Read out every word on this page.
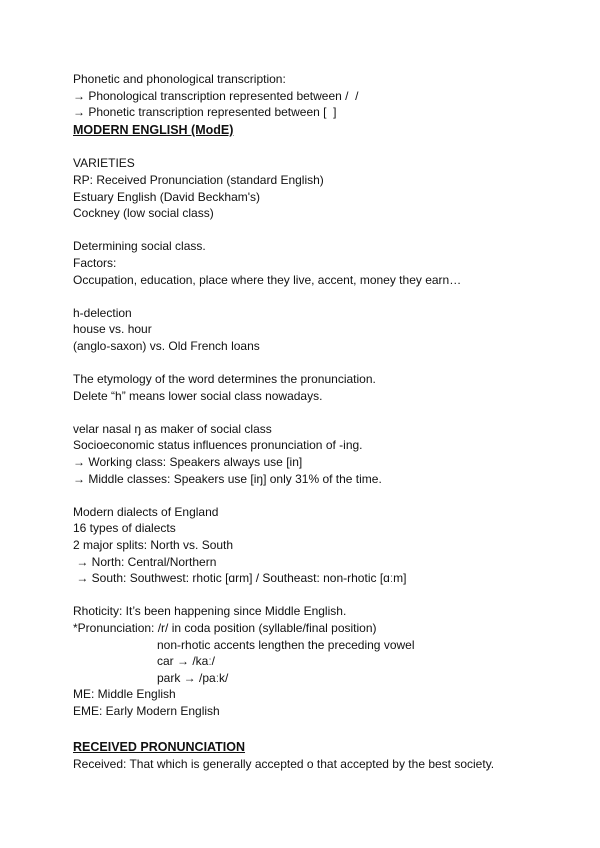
Phonetic and phonological transcription:
→ Phonological transcription represented between /  /
→ Phonetic transcription represented between [  ]
MODERN ENGLISH (ModE)
VARIETIES
RP: Received Pronunciation (standard English)
Estuary English (David Beckham's)
Cockney (low social class)
Determining social class.
Factors:
Occupation, education, place where they live, accent, money they earn…
h-delection
house vs. hour
(anglo-saxon) vs. Old French loans
The etymology of the word determines the pronunciation.
Delete “h” means lower social class nowadays.
velar nasal ŋ as maker of social class
Socioeconomic status influences pronunciation of -ing.
→ Working class: Speakers always use [in]
→ Middle classes: Speakers use [iŋ] only 31% of the time.
Modern dialects of England
16 types of dialects
2 major splits: North vs. South
→ North: Central/Northern
→ South: Southwest: rhotic [ɑrm] / Southeast: non-rhotic [ɑːm]
Rhoticity: It’s been happening since Middle English.
*Pronunciation: /r/ in coda position (syllable/final position)
non-rhotic accents lengthen the preceding vowel
car → /kaː/
park → /paːk/
ME: Middle English
EME: Early Modern English
RECEIVED PRONUNCIATION
Received: That which is generally accepted o that accepted by the best society.
